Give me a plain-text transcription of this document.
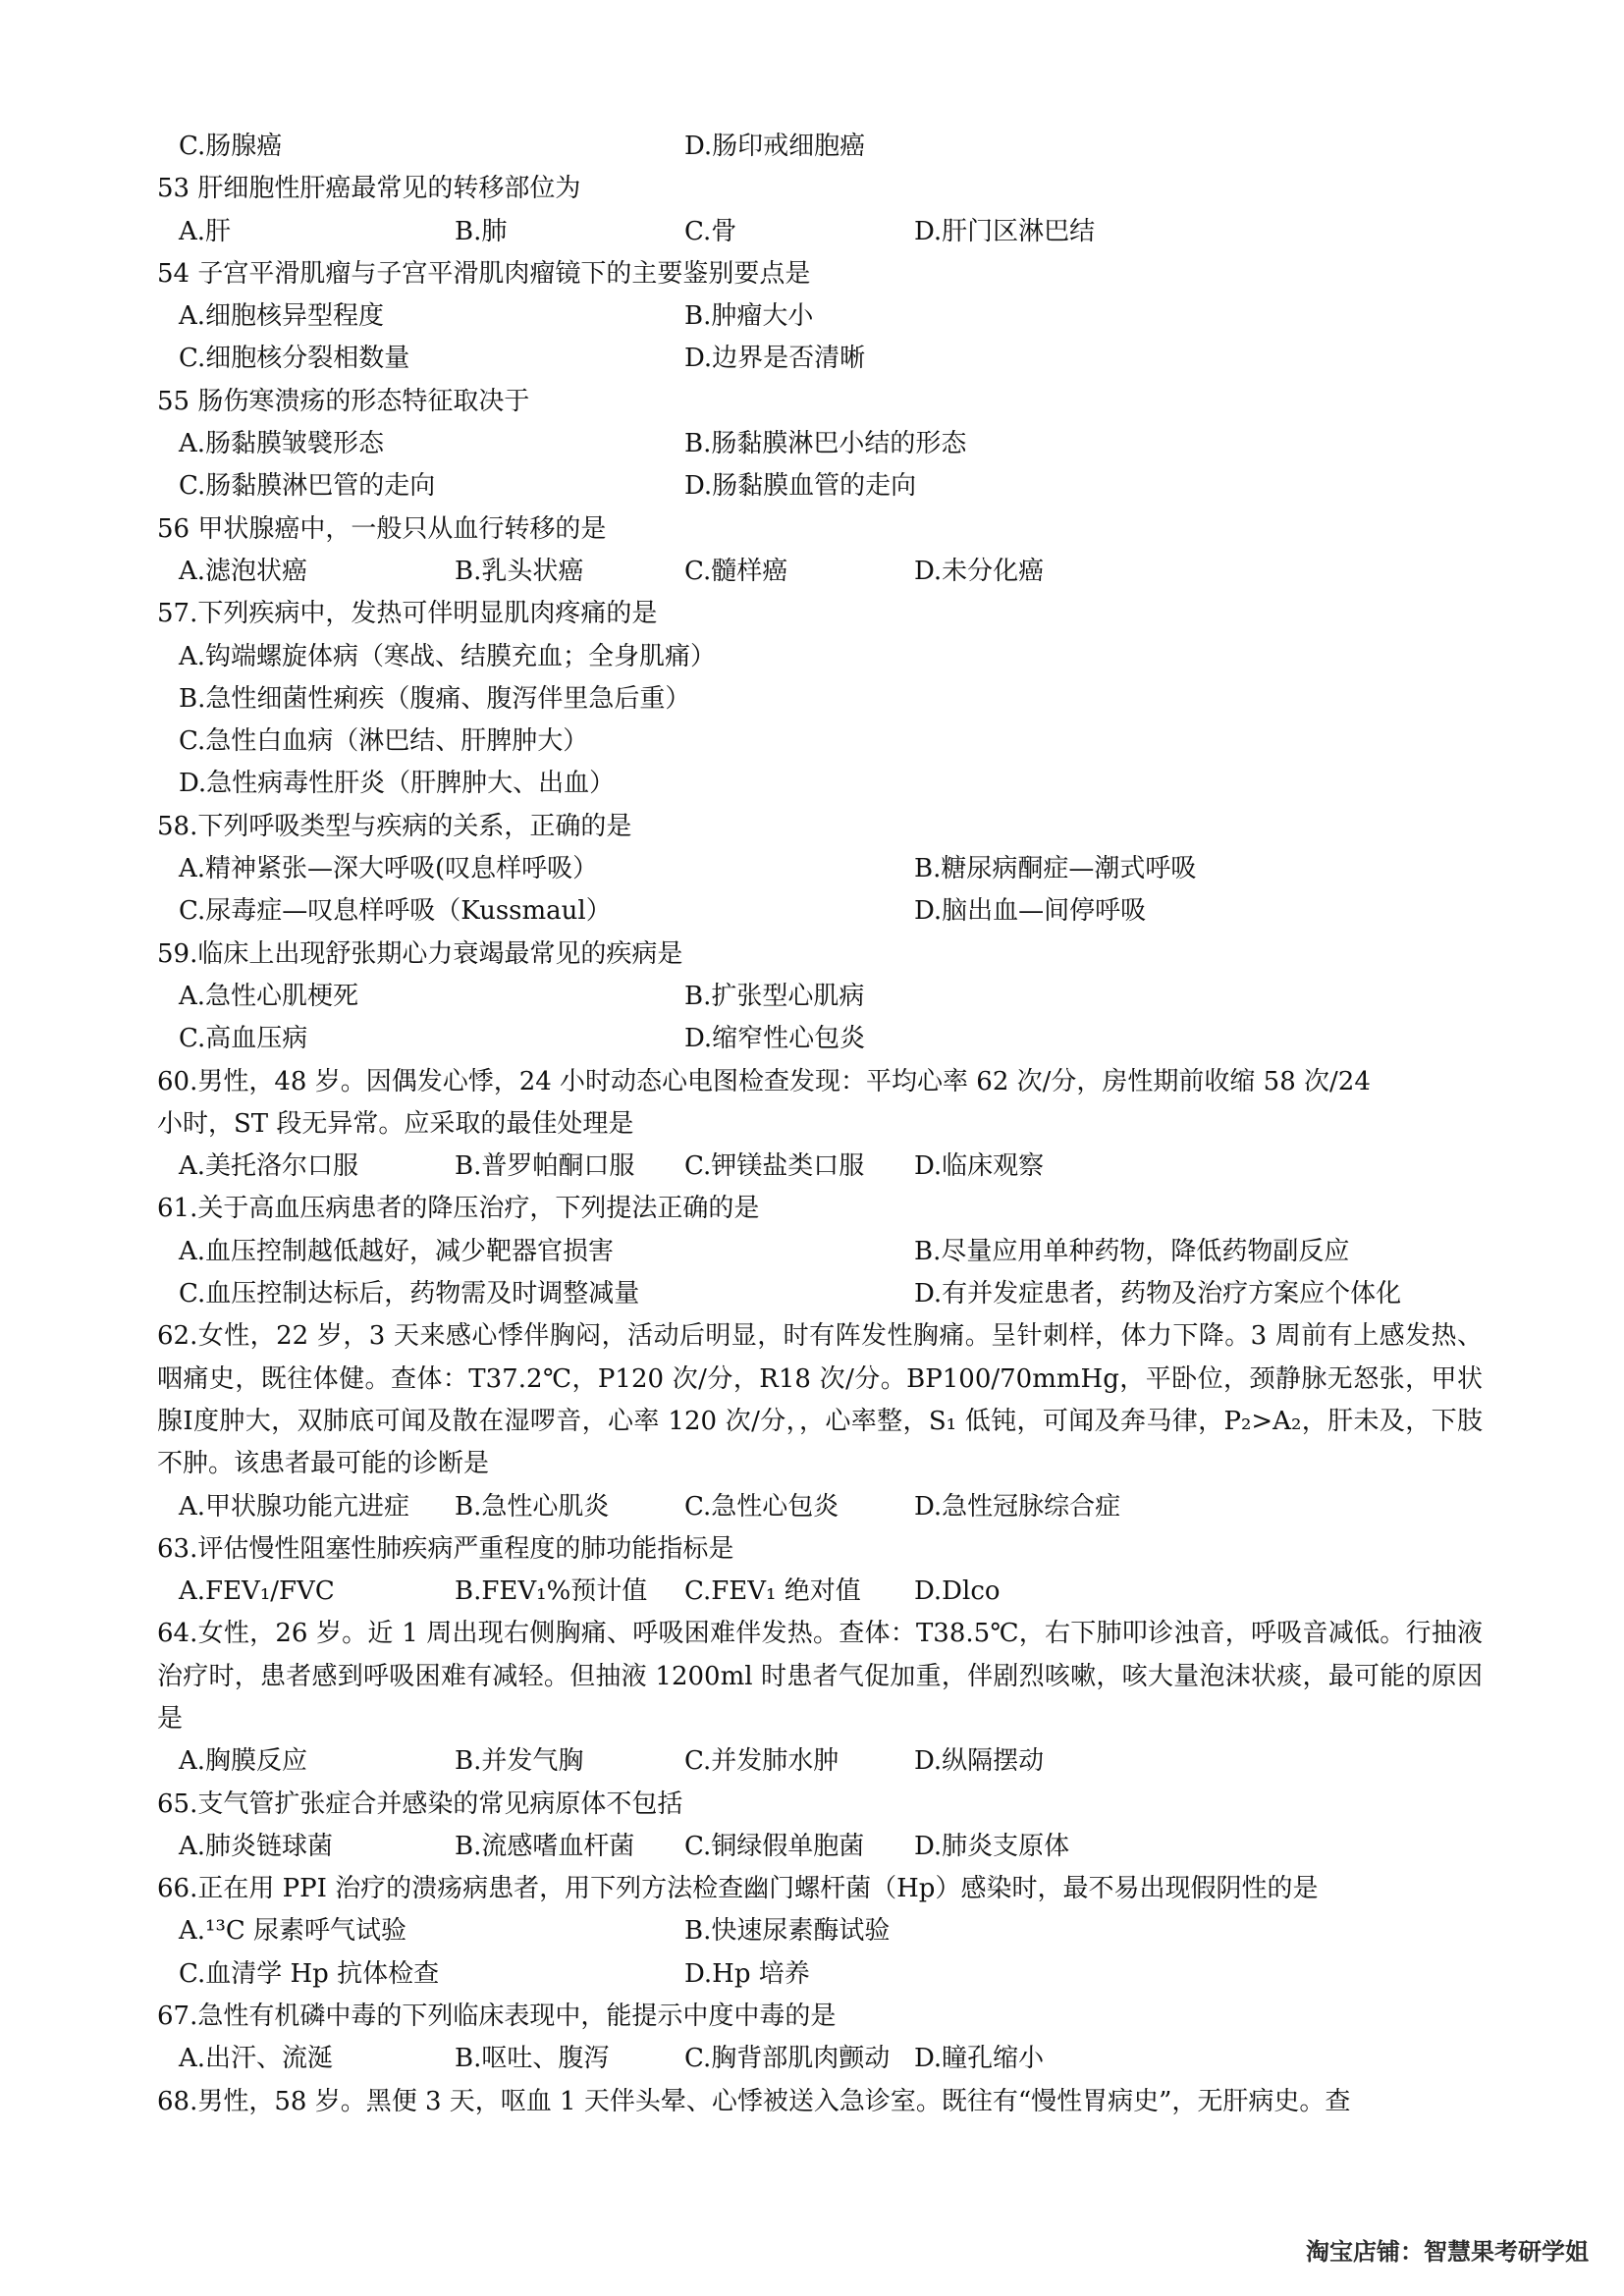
C.肠腺癌	D.肠印戒细胞癌
53 肝细胞性肝癌最常见的转移部位为
A.肝	B.肺	C.骨	D.肝门区淋巴结
54 子宫平滑肌瘤与子宫平滑肌肉瘤镜下的主要鉴别要点是
A.细胞核异型程度	B.肿瘤大小
C.细胞核分裂相数量	D.边界是否清晰
55 肠伤寒溃疡的形态特征取决于
A.肠黏膜皱襞形态	B.肠黏膜淋巴小结的形态
C.肠黏膜淋巴管的走向	D.肠黏膜血管的走向
56 甲状腺癌中，一般只从血行转移的是
A.滤泡状癌	B.乳头状癌	C.髓样癌	D.未分化癌
57.下列疾病中，发热可伴明显肌肉疼痛的是
A.钩端螺旋体病（寒战、结膜充血；全身肌痛）
B.急性细菌性痢疾（腹痛、腹泻伴里急后重）
C.急性白血病（淋巴结、肝脾肿大）
D.急性病毒性肝炎（肝脾肿大、出血）
58.下列呼吸类型与疾病的关系，正确的是
A.精神紧张—深大呼吸(叹息样呼吸）	B.糖尿病酮症—潮式呼吸
C.尿毒症—叹息样呼吸（Kussmaul）	D.脑出血—间停呼吸
59.临床上出现舒张期心力衰竭最常见的疾病是
A.急性心肌梗死	B.扩张型心肌病
C.高血压病	D.缩窄性心包炎
60.男性，48 岁。因偶发心悸，24 小时动态心电图检查发现：平均心率 62 次/分，房性期前收缩 58 次/24
小时，ST 段无异常。应采取的最佳处理是
A.美托洛尔口服	B.普罗帕酮口服 C.钾镁盐类口服 D.临床观察
61.关于高血压病患者的降压治疗，下列提法正确的是
A.血压控制越低越好，减少靶器官损害	B.尽量应用单种药物，降低药物副反应
C.血压控制达标后，药物需及时调整减量	D.有并发症患者，药物及治疗方案应个体化
62.女性，22 岁，3 天来感心悸伴胸闷，活动后明显，时有阵发性胸痛。呈针刺样，体力下降。3 周前有上感发热、咽痛史，既往体健。查体：T37.2℃，P120 次/分，R18 次/分。BP100/70mmHg，平卧位，颈静脉无怒张，甲状腺Ⅰ度肿大，双肺底可闻及散在湿啰音，心率 120 次/分，，心率整，S₁ 低钝，可闻及奔马律，P₂>A₂，肝未及，下肢不肿。该患者最可能的诊断是
A.甲状腺功能亢进症 B.急性心肌炎	C.急性心包炎	D.急性冠脉综合症
63.评估慢性阻塞性肺疾病严重程度的肺功能指标是
A.FEV₁/FVC	B.FEV₁%预计值 C.FEV₁ 绝对值 D.Dlco
64.女性，26 岁。近 1 周出现右侧胸痛、呼吸困难伴发热。查体：T38.5℃，右下肺叩诊浊音，呼吸音减低。行抽液治疗时，患者感到呼吸困难有减轻。但抽液 1200ml 时患者气促加重，伴剧烈咳嗽，咳大量泡沫状痰，最可能的原因是
A.胸膜反应	B.并发气胸	C.并发肺水肿	D.纵隔摆动
65.支气管扩张症合并感染的常见病原体不包括
A.肺炎链球菌	B.流感嗜血杆菌 C.铜绿假单胞菌 D.肺炎支原体
66.正在用 PPI 治疗的溃疡病患者，用下列方法检查幽门螺杆菌（Hp）感染时，最不易出现假阴性的是
A.¹³C 尿素呼气试验	B.快速尿素酶试验
C.血清学 Hp 抗体检查	D.Hp 培养
67.急性有机磷中毒的下列临床表现中，能提示中度中毒的是
A.出汗、流涎	B.呕吐、腹泻	C.胸背部肌肉颤动 D.瞳孔缩小
68.男性，58 岁。黑便 3 天，呕血 1 天伴头晕、心悸被送入急诊室。既往有“慢性胃病史”，无肝病史。查
淘宝店铺：智慧果考研学姐
